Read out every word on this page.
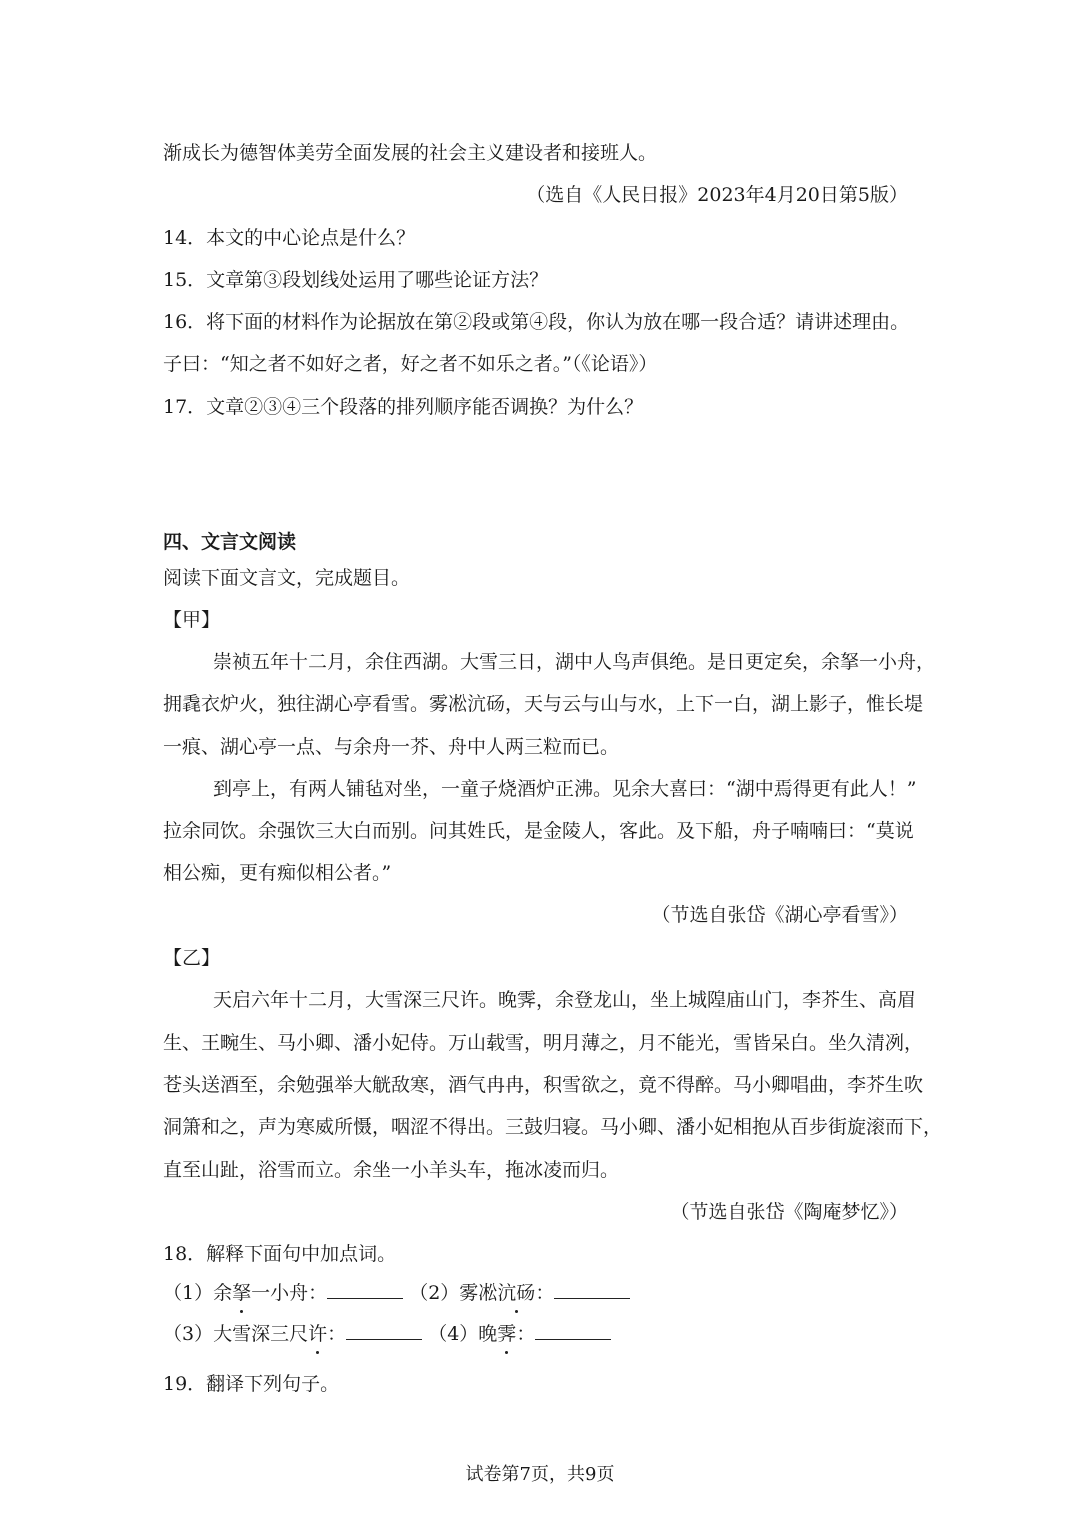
渐成长为德智体美劳全面发展的社会主义建设者和接班人。
（选自《人民日报》2023年4月20日第5版）
14．本文的中心论点是什么？
15．文章第③段划线处运用了哪些论证方法？
16．将下面的材料作为论据放在第②段或第④段，你认为放在哪一段合适？请讲述理由。
子曰：“知之者不如好之者，好之者不如乐之者。”（《论语》）
17．文章②③④三个段落的排列顺序能否调换？为什么？
四、文言文阅读
阅读下面文言文，完成题目。
【甲】
崇祯五年十二月，余住西湖。大雪三日，湖中人鸟声俱绝。是日更定矣，余拏一小舟，
拥毳衣炉火，独往湖心亭看雪。雾凇沆砀，天与云与山与水，上下一白，湖上影子，惟长堤
一痕、湖心亭一点、与余舟一芥、舟中人两三粒而已。
到亭上，有两人铺毡对坐，一童子烧酒炉正沸。见余大喜曰：“湖中焉得更有此人！”
拉余同饮。余强饮三大白而别。问其姓氏，是金陵人，客此。及下船，舟子喃喃曰：“莫说
相公痴，更有痴似相公者。”
（节选自张岱《湖心亭看雪》）
【乙】
天启六年十二月，大雪深三尺许。晚霁，余登龙山，坐上城隍庙山门，李芥生、高眉
生、王畹生、马小卿、潘小妃侍。万山载雪，明月薄之，月不能光，雪皆呆白。坐久清冽，
苍头送酒至，余勉强举大觥敌寒，酒气冉冉，积雪欲之，竟不得醉。马小卿唱曲，李芥生吹
洞箫和之，声为寒威所慑，咽涩不得出。三鼓归寝。马小卿、潘小妃相抱从百步街旋滚而下，
直至山趾，浴雪而立。余坐一小羊头车，拖冰凌而归。
（节选自张岱《陶庵梦忆》）
18．解释下面句中加点词。
（1）余拏一小舟：	（2）雾凇沆砀：
（3）大雪深三尺许：	（4）晚霁：
19．翻译下列句子。
试卷第7页，共9页
